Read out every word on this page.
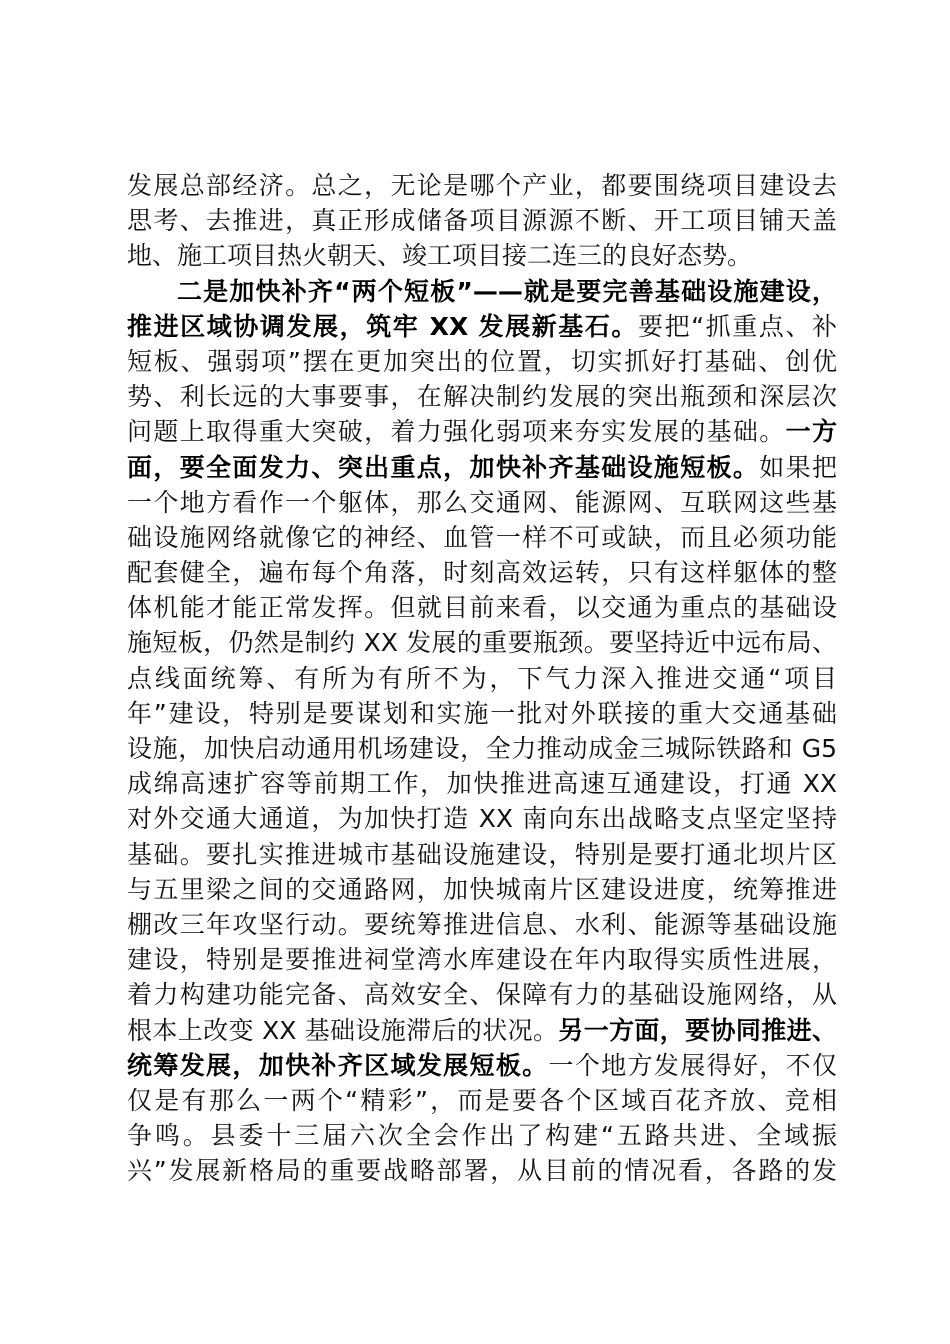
发展总部经济。总之，无论是哪个产业，都要围绕项目建设去
思考、去推进，真正形成储备项目源源不断、开工项目铺天盖
地、施工项目热火朝天、竣工项目接二连三的良好态势。
二是加快补齐“两个短板”——就是要完善基础设施建设，
推进区域协调发展，筑牢 XX 发展新基石。要把“抓重点、补
短板、强弱项”摆在更加突出的位置，切实抓好打基础、创优
势、利长远的大事要事，在解决制约发展的突出瓶颈和深层次
问题上取得重大突破，着力强化弱项来夯实发展的基础。一方
面，要全面发力、突出重点，加快补齐基础设施短板。如果把
一个地方看作一个躯体，那么交通网、能源网、互联网这些基
础设施网络就像它的神经、血管一样不可或缺，而且必须功能
配套健全，遍布每个角落，时刻高效运转，只有这样躯体的整
体机能才能正常发挥。但就目前来看，以交通为重点的基础设
施短板，仍然是制约 XX 发展的重要瓶颈。要坚持近中远布局、
点线面统筹、有所为有所不为，下气力深入推进交通“项目
年”建设，特别是要谋划和实施一批对外联接的重大交通基础
设施，加快启动通用机场建设，全力推动成金三城际铁路和 G5
成绵高速扩容等前期工作，加快推进高速互通建设，打通 XX
对外交通大通道，为加快打造 XX 南向东出战略支点坚定坚持
基础。要扎实推进城市基础设施建设，特别是要打通北坝片区
与五里梁之间的交通路网，加快城南片区建设进度，统筹推进
棚改三年攻坚行动。要统筹推进信息、水利、能源等基础设施
建设，特别是要推进祠堂湾水库建设在年内取得实质性进展，
着力构建功能完备、高效安全、保障有力的基础设施网络，从
根本上改变 XX 基础设施滞后的状况。另一方面，要协同推进、
统筹发展，加快补齐区域发展短板。一个地方发展得好，不仅
仅是有那么一两个“精彩”，而是要各个区域百花齐放、竞相
争鸣。县委十三届六次全会作出了构建“五路共进、全域振
兴”发展新格局的重要战略部署，从目前的情况看，各路的发
